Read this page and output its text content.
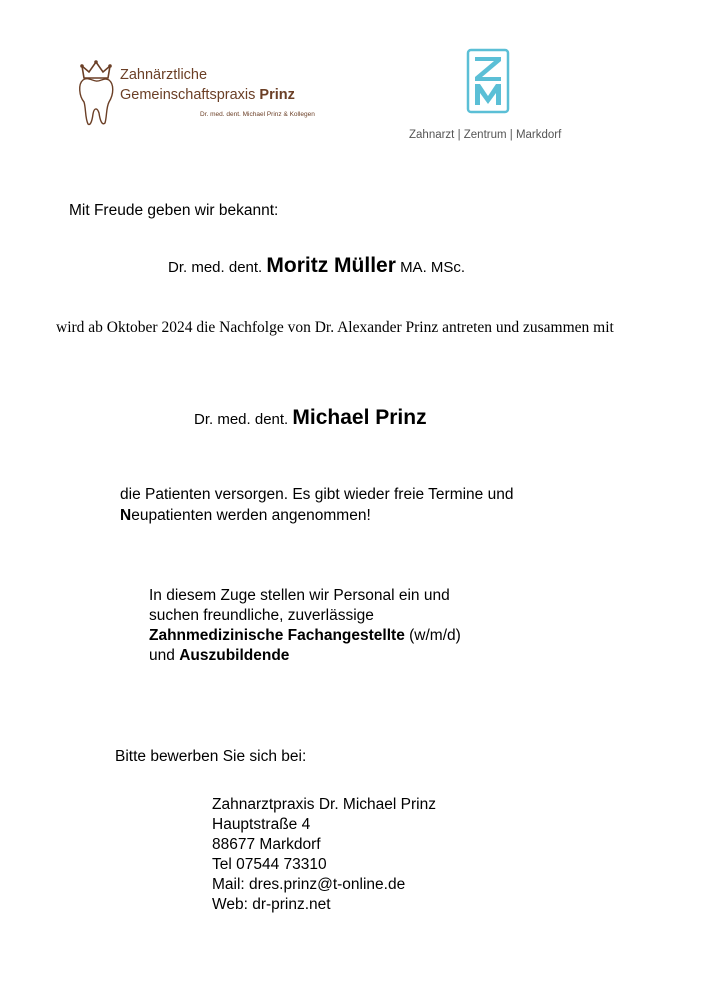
Zahnärztliche
Gemeinschaftspraxis Prinz
Dr. med. dent. Michael Prinz & Kollegen
Zahnarzt | Zentrum | Markdorf
Mit Freude geben wir bekannt:
Dr. med. dent. Moritz Müller MA. MSc.
wird ab Oktober 2024 die Nachfolge von Dr. Alexander Prinz antreten und zusammen mit
Dr. med. dent. Michael Prinz
die Patienten versorgen. Es gibt wieder freie Termine und
Neupatienten werden angenommen!
In diesem Zuge stellen wir Personal ein und
suchen freundliche, zuverlässige
Zahnmedizinische Fachangestellte (w/m/d)
und Auszubildende
Bitte bewerben Sie sich bei:
Zahnarztpraxis Dr. Michael Prinz
Hauptstraße 4
88677 Markdorf
Tel 07544 73310
Mail: dres.prinz@t-online.de
Web: dr-prinz.net
